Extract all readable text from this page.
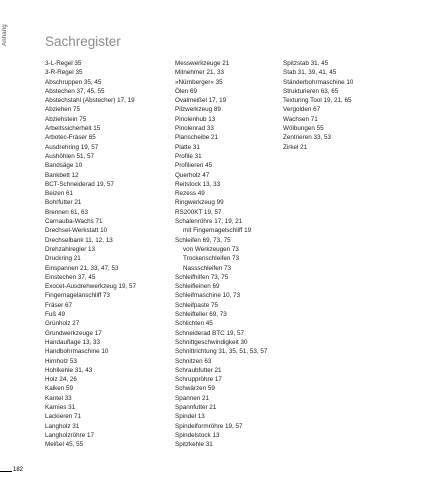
Anhang	Sachregister
3-L-Regel 35
3-R-Regel 35
Abschruppen 35, 45
Abstechen 37, 45, 55
Abstechstahl (Abstecher) 17, 19
Abziehen 75
Abziehstein 75
Arbeitssicherheit 15
Arbotec-Fräser 65
Ausdrehring 19, 57
Aushöhlen 51, 57
Bandsäge 10
Bankbett 12
BCT-Schneiderad 19, 57
Beizen 61
Bohrfutter 21
Brennen 61, 63
Carnauba-Wachs 71
Drechsel-Werkstatt 10
Drechselbank 11, 12, 13
Drehzahlregler 13
Druckring 21
Einspannen 21, 33, 47, 53
Einstechen 37, 45
Exocet-Ausdrehwerkzeug 19, 57
Fingernagelanschliff 73
Fräser 67
Fuß 49
Grünholz 27
Grundwerkzeuge 17
Handauflage 13, 33
Handbohrmaschine 10
Hirnholz 53
Hohlkehle 31, 43
Holz 24, 26
Kalken 59
Kantel 33
Karnies 31
Lackieren 71
Langholz 31
Langholzröhre 17
Meißel 45, 55
Messwerkzeuge 21
Mitnehmer 21, 33
»Nürnberger« 35
Ölen 69
Ovalmeißel 17, 19
Pilzwerkzeug 89
Pinolenhub 13
Pinolenrad 33
Planscheibe 21
Platte 31
Profile 31
Profilieren 45
Querholz 47
Reitstock 13, 33
Rezess 49
Ringwerkzeug 99
RS200KT 19, 57
Schalenröhre 17, 19, 21
mit Fingernagelschliff 19
Schleifen 69, 73, 75
von Werkzeugen 73
Trockenschleifen 73
Nassschleifen 73
Schleifhilfen 73, 75
Schleifleinen 69
Schleifmaschine 10, 73
Schleifpaste 75
Schleifteller 69, 73
Schlichten 45
Schneiderad BTC 19, 57
Schnittgeschwindigkeit 30
Schnittrichtung 31, 35, 51, 53, 57
Schnitzen 63
Schraubfutter 21
Schruppröhre 17
Schwärzen 59
Spannen 21
Spannfutter 21
Spindel 13
Spindelformröhre 19, 57
Spindelstock 13
Spitzkehle 31
Spitzstab 31, 45
Stab 31, 39, 41, 45
Ständerbohrmaschine 10
Strukturieren 63, 65
Texturing Tool 19, 21, 65
Vergolden 67
Wachsen 71
Wölbungen 55
Zentrieren 33, 53
Zirkel 21
182
